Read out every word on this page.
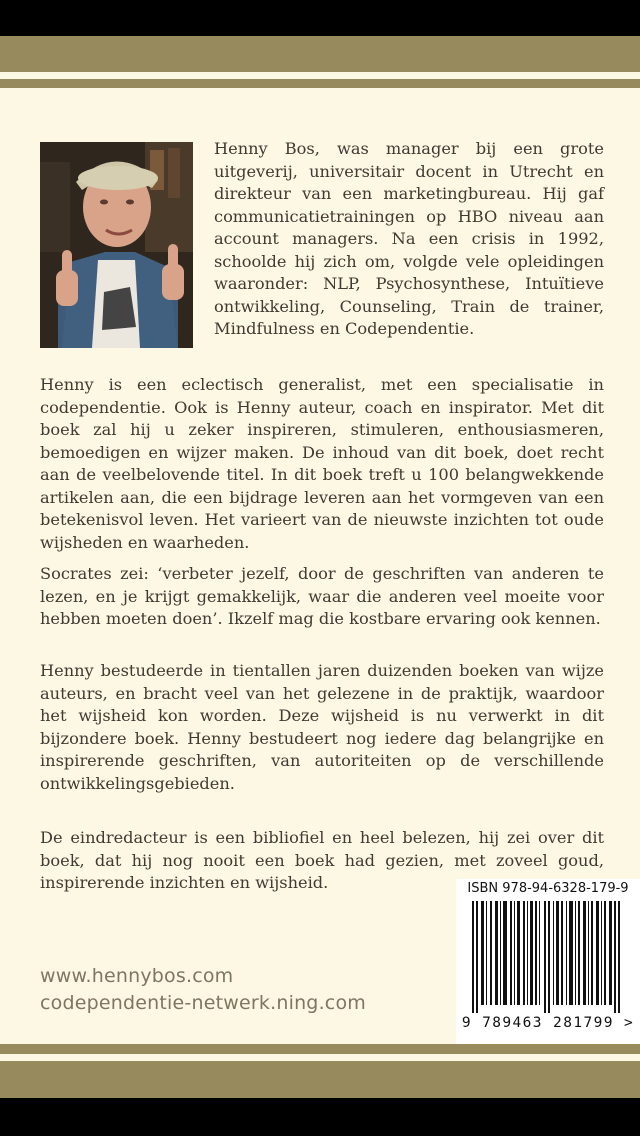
Henny Bos, was manager bij een grote uitgeverij, universitair docent in Utrecht en direkteur van een marketingbureau. Hij gaf communicatietrainingen op HBO niveau aan account managers. Na een crisis in 1992, schoolde hij zich om, volgde vele opleidingen waaronder: NLP, Psychosynthese, Intuïtieve ontwikkeling, Counseling, Train de trainer, Mindfulness en Codependentie.

Henny is een eclectisch generalist, met een specialisatie in codependentie. Ook is Henny auteur, coach en inspirator. Met dit boek zal hij u zeker inspireren, stimuleren, enthousiasmeren, bemoedigen en wijzer maken. De inhoud van dit boek, doet recht aan de veelbelovende titel. In dit boek treft u 100 belangwekkende artikelen aan, die een bijdrage leveren aan het vormgeven van een betekenisvol leven. Het varieert van de nieuwste inzichten tot oude wijsheden en waarheden.

Socrates zei: ‘verbeter jezelf, door de geschriften van anderen te lezen, en je krijgt gemakkelijk, waar die anderen veel moeite voor hebben moeten doen’. Ikzelf mag die kostbare ervaring ook kennen.

Henny bestudeerde in tientallen jaren duizenden boeken van wijze auteurs, en bracht veel van het gelezene in de praktijk, waardoor het wijsheid kon worden. Deze wijsheid is nu verwerkt in dit bijzondere boek. Henny bestudeert nog iedere dag belangrijke en inspirerende geschriften, van autoriteiten op de verschillende ontwikkelingsgebieden.

De eindredacteur is een bibliofiel en heel belezen, hij zei over dit boek, dat hij nog nooit een boek had gezien, met zoveel goud, inspirerende inzichten en wijsheid.

www.hennybos.com
codependentie-netwerk.ning.com
ISBN 978-94-6328-179-9
9 789463 281799 >
